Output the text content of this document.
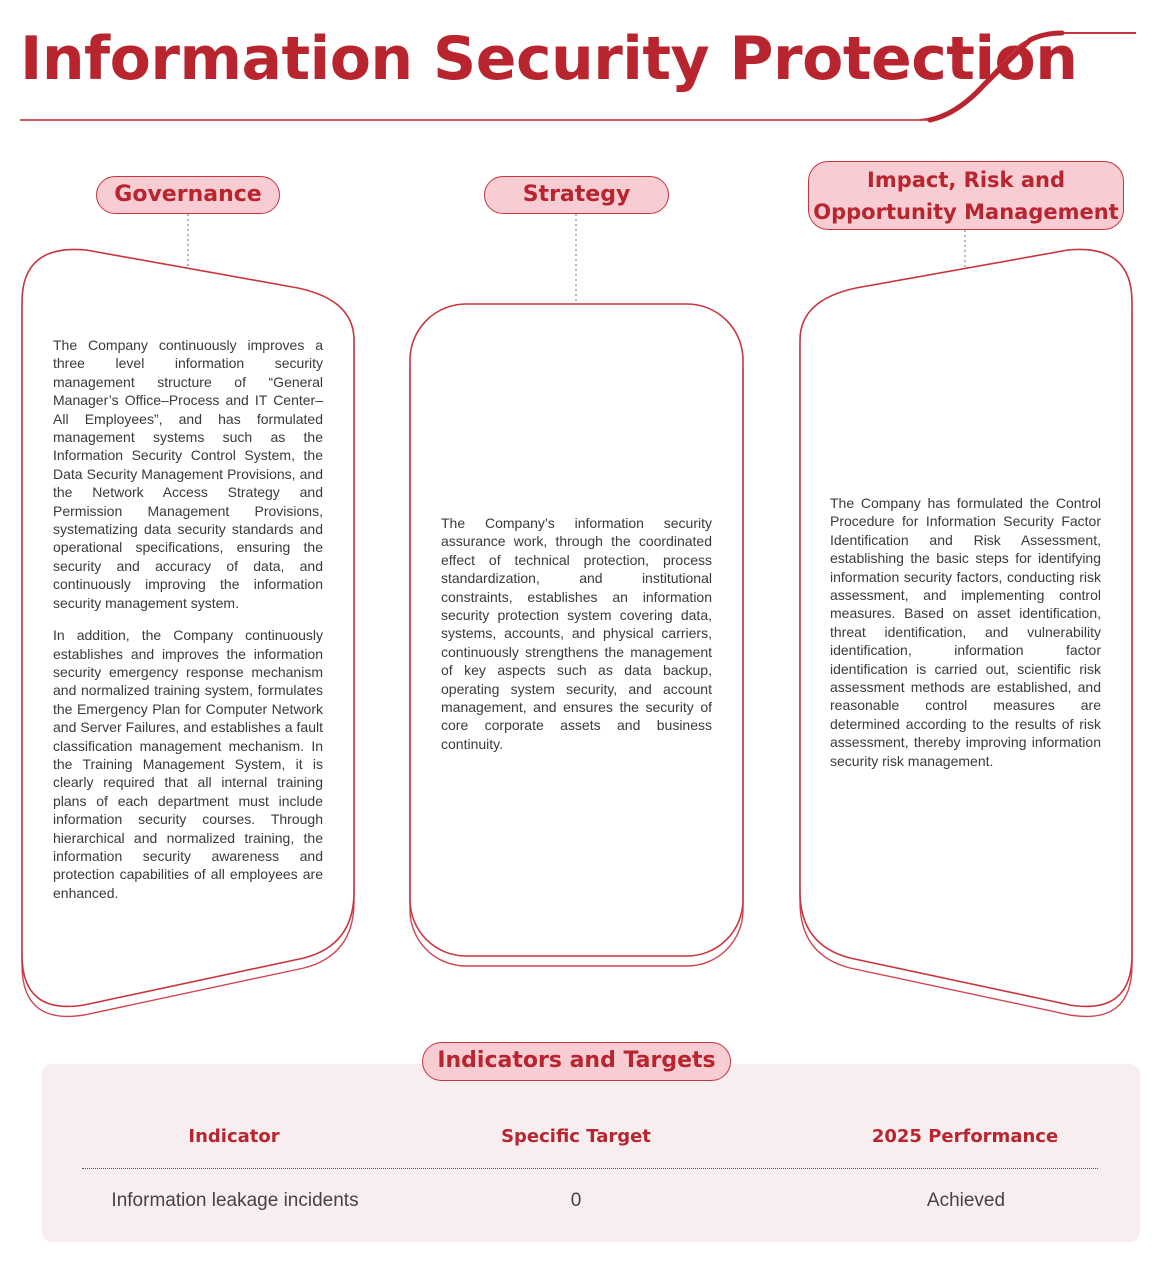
Information Security Protection
Governance	Strategy
Impact, Risk and
Opportunity Management

The Company continuously improves a three level information security management structure of “General Manager’s Office–Process and IT Center–All Employees”, and has formulated management systems such as the Information Security Control System, the Data Security Management Provisions, and the Network Access Strategy and Permission Management Provisions, systematizing data security standards and operational specifications, ensuring the security and accuracy of data, and continuously improving the information security management system.

In addition, the Company continuously establishes and improves the information security emergency response mechanism and normalized training system, formulates the Emergency Plan for Computer Network and Server Failures, and establishes a fault classification management mechanism. In the Training Management System, it is clearly required that all internal training plans of each department must include information security courses. Through hierarchical and normalized training, the information security awareness and protection capabilities of all employees are enhanced.

The Company’s information security assurance work, through the coordinated effect of technical protection, process standardization, and institutional constraints, establishes an information security protection system covering data, systems, accounts, and physical carriers, continuously strengthens the management of key aspects such as data backup, operating system security, and account management, and ensures the security of core corporate assets and business continuity.

The Company has formulated the Control Procedure for Information Security Factor Identification and Risk Assessment, establishing the basic steps for identifying information security factors, conducting risk assessment, and implementing control measures. Based on asset identification, threat identification, and vulnerability identification, information factor identification is carried out, scientific risk assessment methods are established, and reasonable control measures are determined according to the results of risk assessment, thereby improving information security risk management.

Indicators and Targets
Indicator	Specific Target	2025 Performance
Information leakage incidents	0	Achieved
